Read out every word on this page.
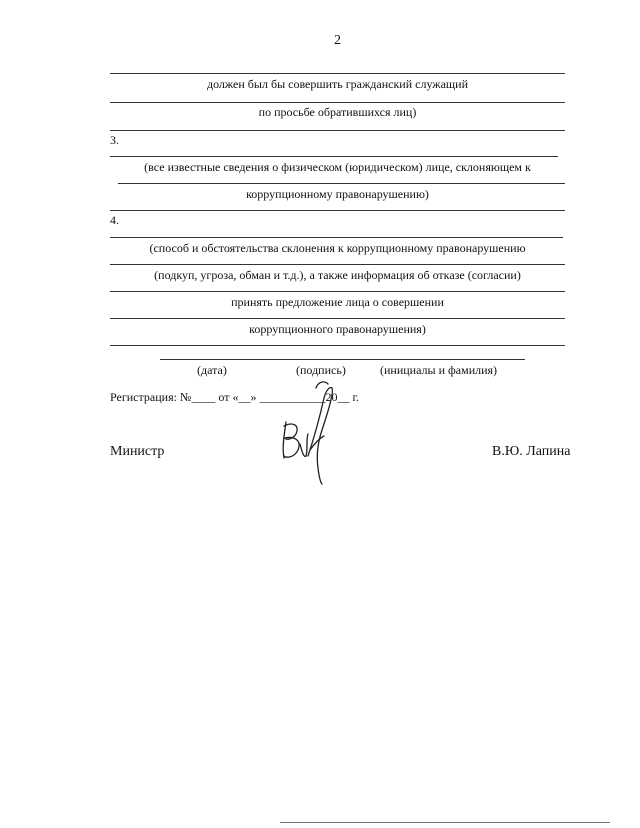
2
должен был бы совершить гражданский служащий
по просьбе обратившихся лиц)
3.
(все известные сведения о физическом (юридическом) лице, склоняющем к
коррупционному правонарушению)
4.
(способ и обстоятельства склонения к коррупционному правонарушению
(подкуп, угроза, обман и т.д.), а также информация об отказе (согласии)
принять предложение лица о совершении
коррупционного правонарушения)
(дата)	(подпись)	(инициалы и фамилия)
Регистрация: №____ от «__» ___________20__ г.
Министр	В.Ю. Лапина
